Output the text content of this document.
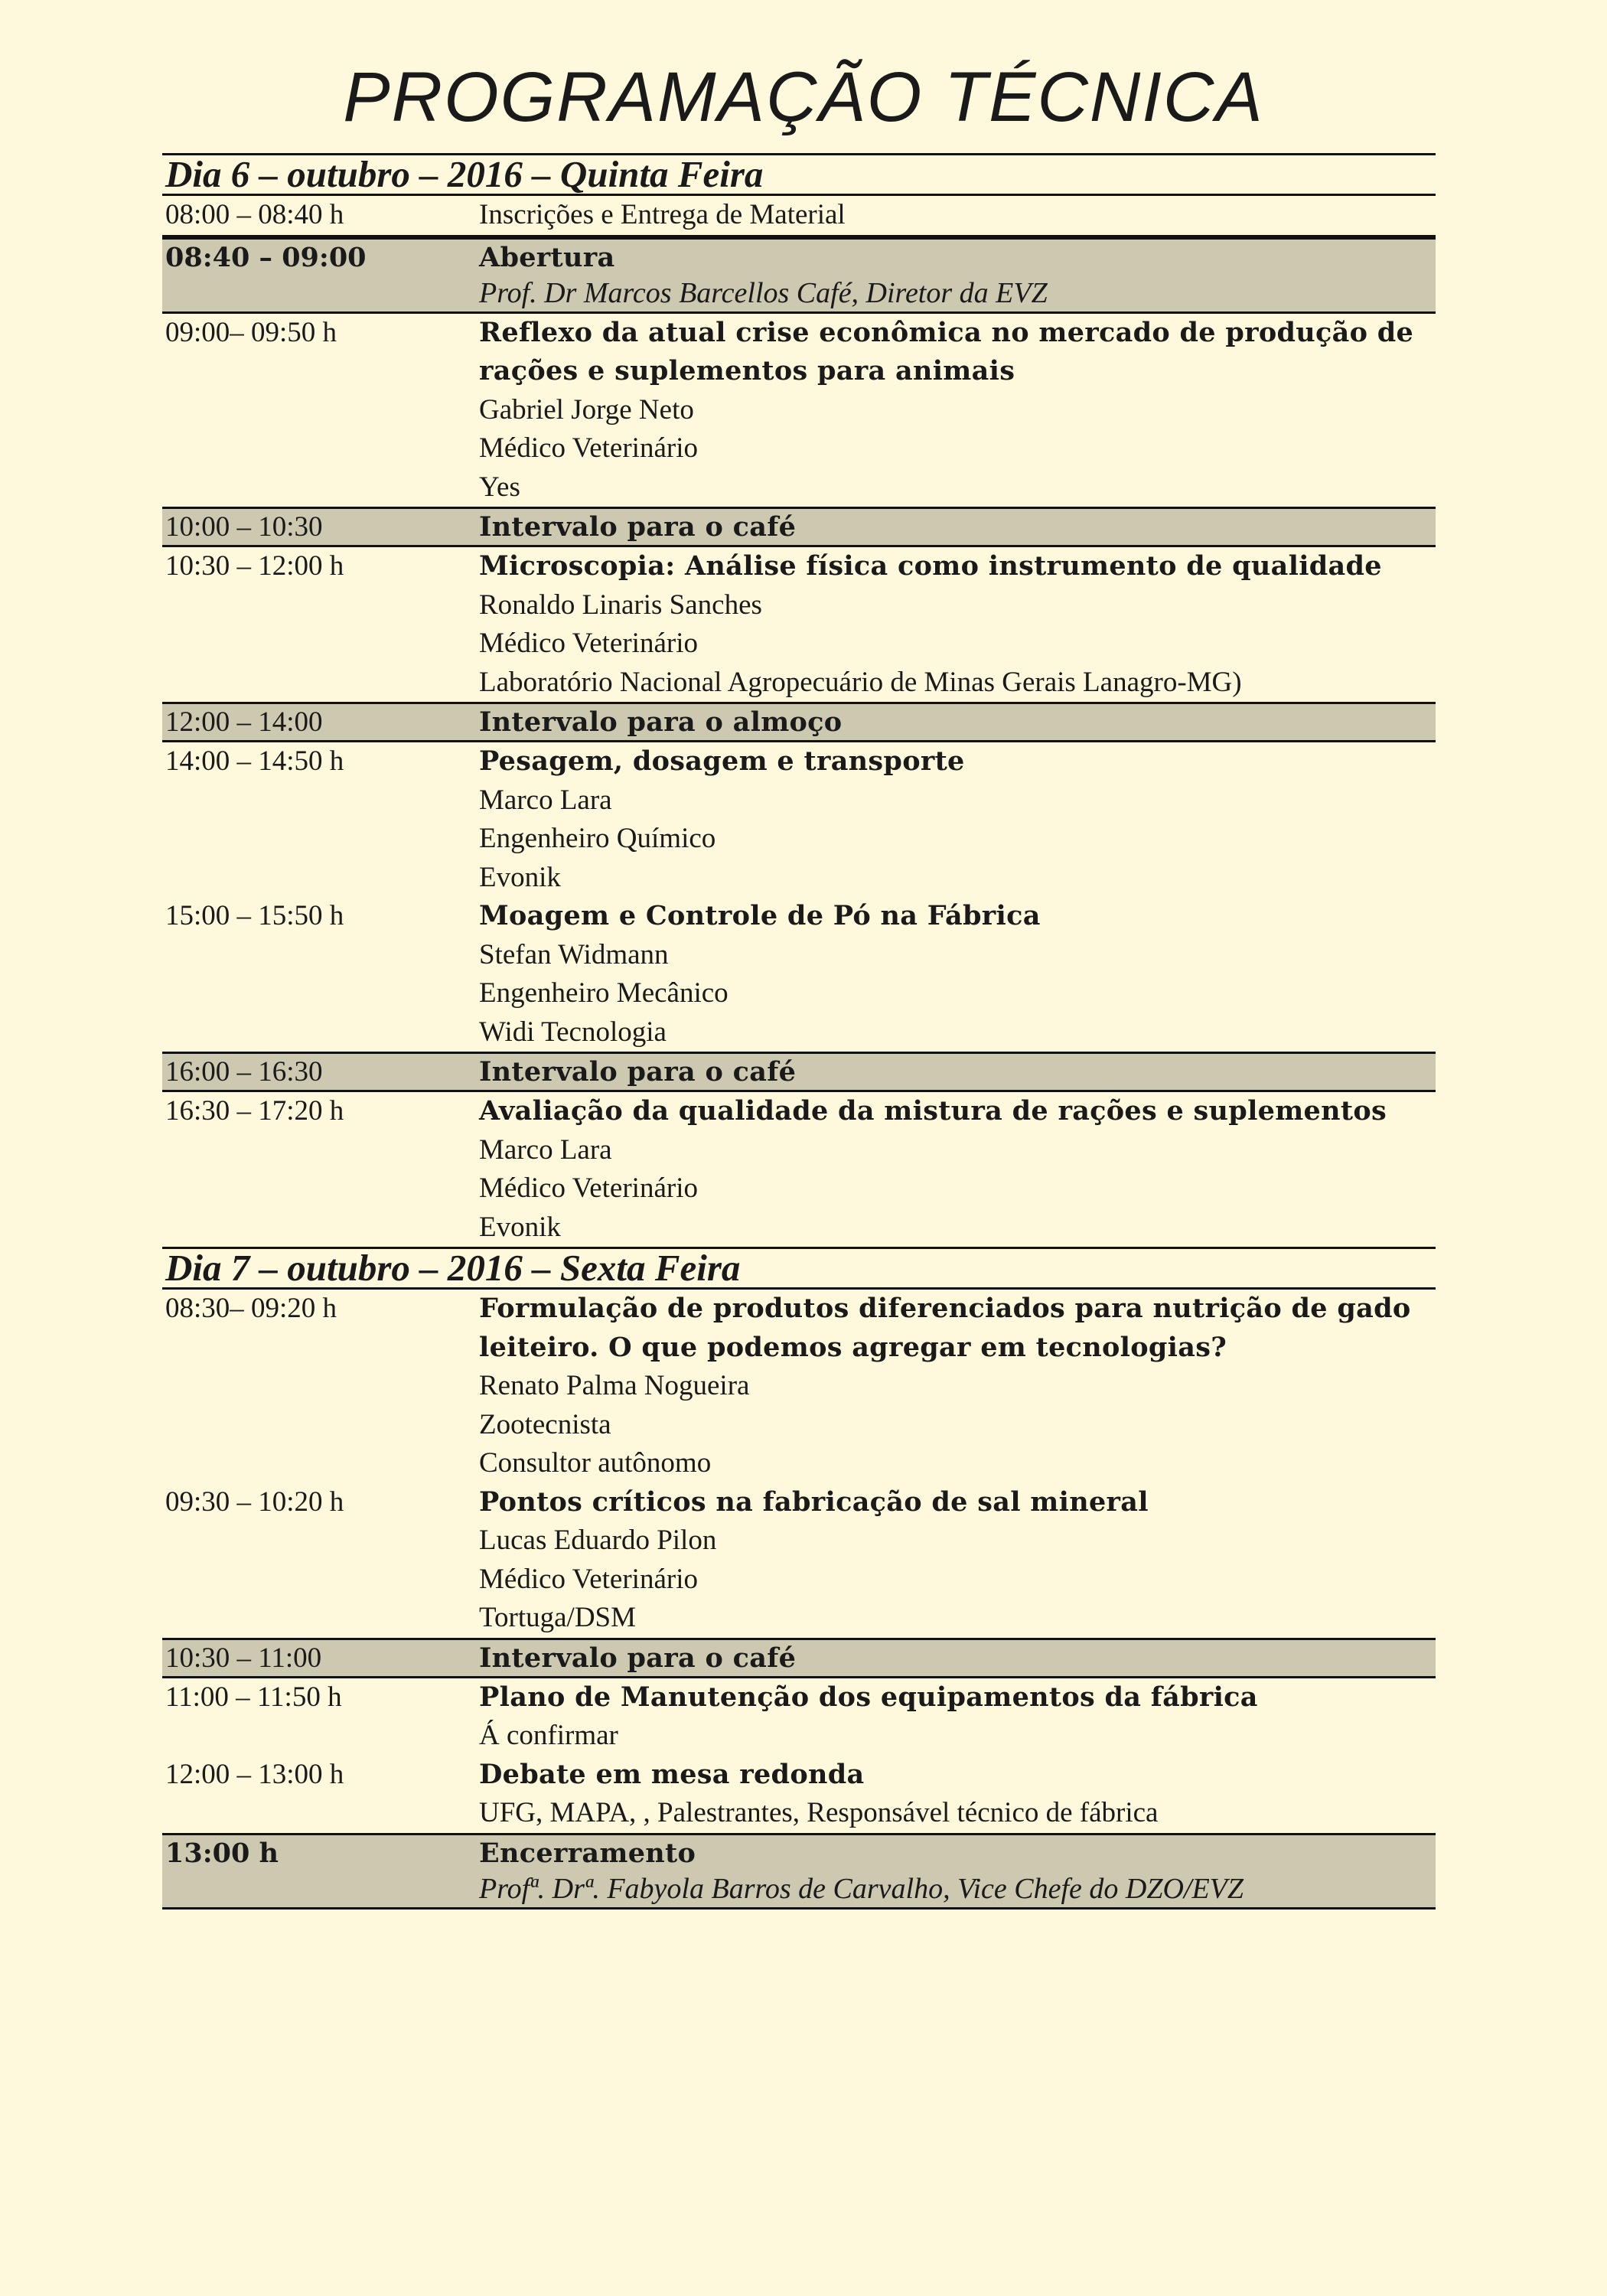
PROGRAMAÇÃO TÉCNICA
Dia 6 – outubro – 2016 – Quinta Feira
08:00 – 08:40 h	Inscrições e Entrega de Material
08:40 – 09:00	Abertura
Prof. Dr Marcos Barcellos Café, Diretor da EVZ
09:00– 09:50 h	Reflexo da atual crise econômica no mercado de produção de
rações e suplementos para animais
Gabriel Jorge Neto
Médico Veterinário
Yes
10:00 – 10:30	Intervalo para o café
10:30 – 12:00 h	Microscopia: Análise física como instrumento de qualidade
Ronaldo Linaris Sanches
Médico Veterinário
Laboratório Nacional Agropecuário de Minas Gerais Lanagro-MG)
12:00 – 14:00	Intervalo para o almoço
14:00 – 14:50 h	Pesagem, dosagem e transporte
Marco Lara
Engenheiro Químico
Evonik
15:00 – 15:50 h	Moagem e Controle de Pó na Fábrica
Stefan Widmann
Engenheiro Mecânico
Widi Tecnologia
16:00 – 16:30	Intervalo para o café
16:30 – 17:20 h	Avaliação da qualidade da mistura de rações e suplementos
Marco Lara
Médico Veterinário
Evonik
Dia 7 – outubro – 2016 – Sexta Feira
08:30– 09:20 h	Formulação de produtos diferenciados para nutrição de gado
leiteiro. O que podemos agregar em tecnologias?
Renato Palma Nogueira
Zootecnista
Consultor autônomo
09:30 – 10:20 h	Pontos críticos na fabricação de sal mineral
Lucas Eduardo Pilon
Médico Veterinário
Tortuga/DSM
10:30 – 11:00	Intervalo para o café
11:00 – 11:50 h	Plano de Manutenção dos equipamentos da fábrica
Á confirmar
12:00 – 13:00 h	Debate em mesa redonda
UFG, MAPA, , Palestrantes, Responsável técnico de fábrica
13:00 h	Encerramento
Profª. Drª. Fabyola Barros de Carvalho, Vice Chefe do DZO/EVZ
